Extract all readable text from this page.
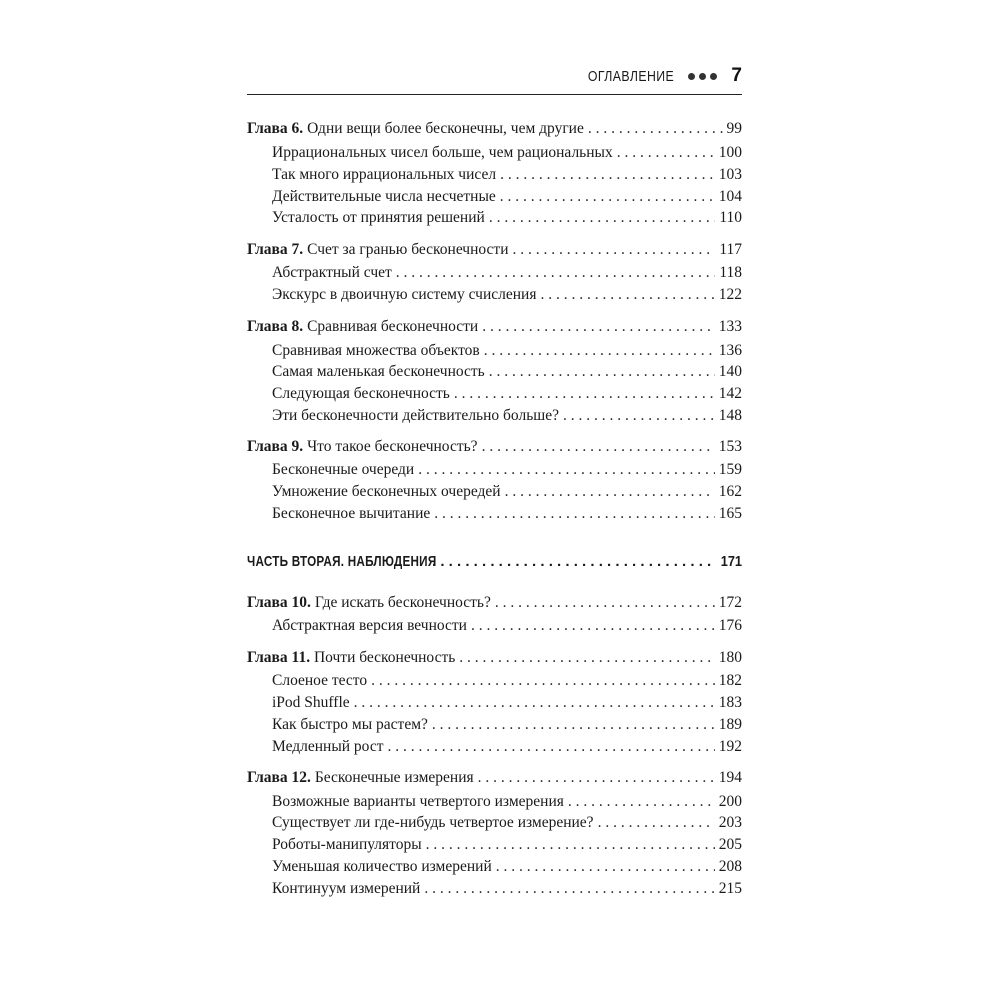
ОГЛАВЛЕНИЕ	7
Глава 6. Одни вещи более бесконечны, чем другие . . .	99
Иррациональных чисел больше, чем рациональных . . .	100
Так много иррациональных чисел . . .	103
Действительные числа несчетные . . .	104
Усталость от принятия решений . . .	110
Глава 7. Счет за гранью бесконечности . . .	117
Абстрактный счет . . .	118
Экскурс в двоичную систему счисления . . .	122
Глава 8. Сравнивая бесконечности . . .	133
Сравнивая множества объектов . . .	136
Самая маленькая бесконечность . . .	140
Следующая бесконечность . . .	142
Эти бесконечности действительно больше? . . .	148
Глава 9. Что такое бесконечность? . . .	153
Бесконечные очереди . . .	159
Умножение бесконечных очередей . . .	162
Бесконечное вычитание . . .	165
ЧАСТЬ ВТОРАЯ. НАБЛЮДЕНИЯ . . .	171
Глава 10. Где искать бесконечность? . . .	172
Абстрактная версия вечности . . .	176
Глава 11. Почти бесконечность . . .	180
Слоеное тесто . . .	182
iPod Shuffle . . .	183
Как быстро мы растем? . . .	189
Медленный рост . . .	192
Глава 12. Бесконечные измерения . . .	194
Возможные варианты четвертого измерения . . .	200
Существует ли где-нибудь четвертое измерение? . . .	203
Роботы-манипуляторы . . .	205
Уменьшая количество измерений . . .	208
Континуум измерений . . .	215
